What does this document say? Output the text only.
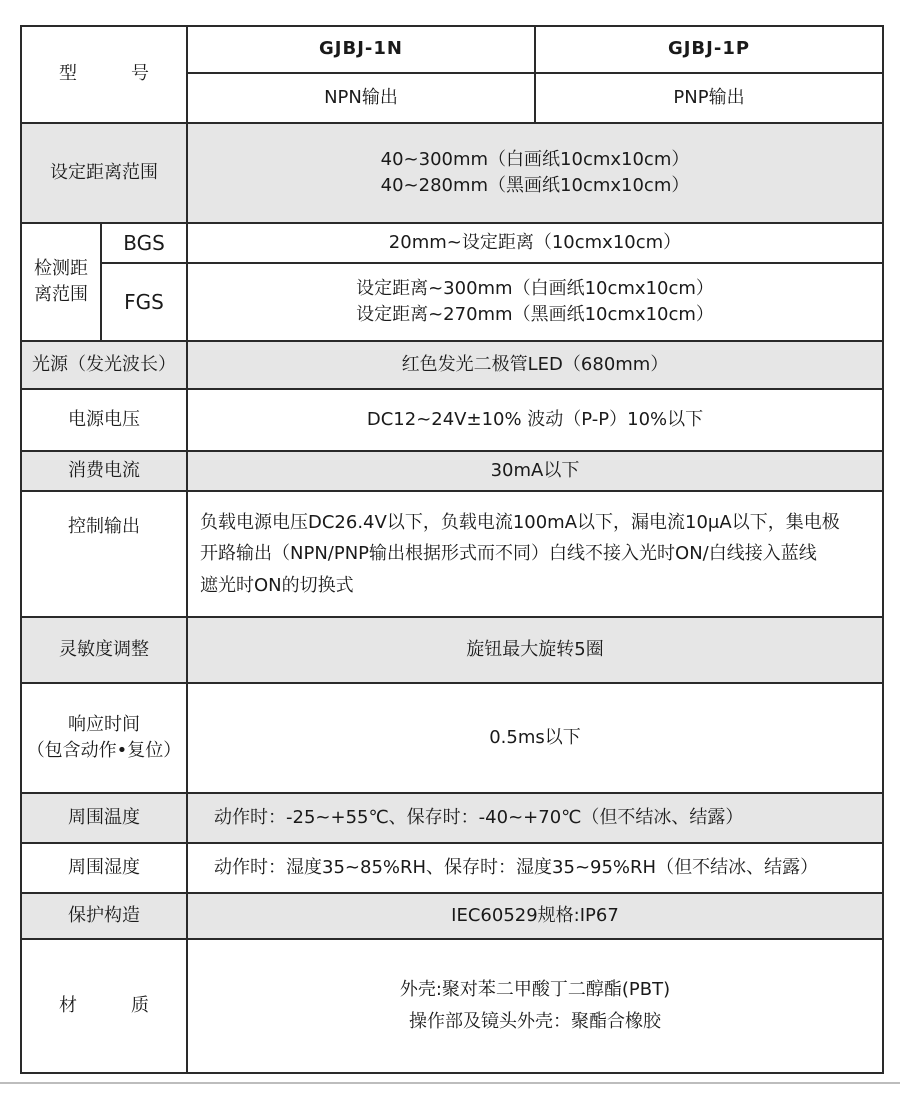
型　号		GJBJ-1N	GJBJ-1P
		NPN输出	PNP输出
设定距离范围		40~300mm（白画纸10cmx10cm）
40~280mm（黑画纸10cmx10cm）	

检测距
离范围	BGS	20mm~设定距离（10cmx10cm）	
	FGS	设定距离~300mm（白画纸10cmx10cm）
设定距离~270mm（黑画纸10cmx10cm）	

光源（发光波长）		红色发光二极管LED（680mm）	
电源电压		DC12~24V±10% 波动（P-P）10%以下	
消费电流		30mA以下	
控制输出		负载电源电压DC26.4V以下，负载电流100mA以下，漏电流10μA以下，集电极
开路输出（NPN/PNP输出根据形式而不同）白线不接入光时ON/白线接入蓝线
遮光时ON的切换式	

灵敏度调整		旋钮最大旋转5圈	

响应时间
（包含动作•复位）		0.5ms以下	
周围温度		动作时：-25~+55℃、保存时：-40~+70℃（但不结冰、结露）	
周围湿度		动作时：湿度35~85%RH、保存时：湿度35~95%RH（但不结冰、结露）	
保护构造		IEC60529规格:IP67	
材　质		外壳:聚对苯二甲酸丁二醇酯(PBT)
操作部及镜头外壳：聚酯合橡胶	
